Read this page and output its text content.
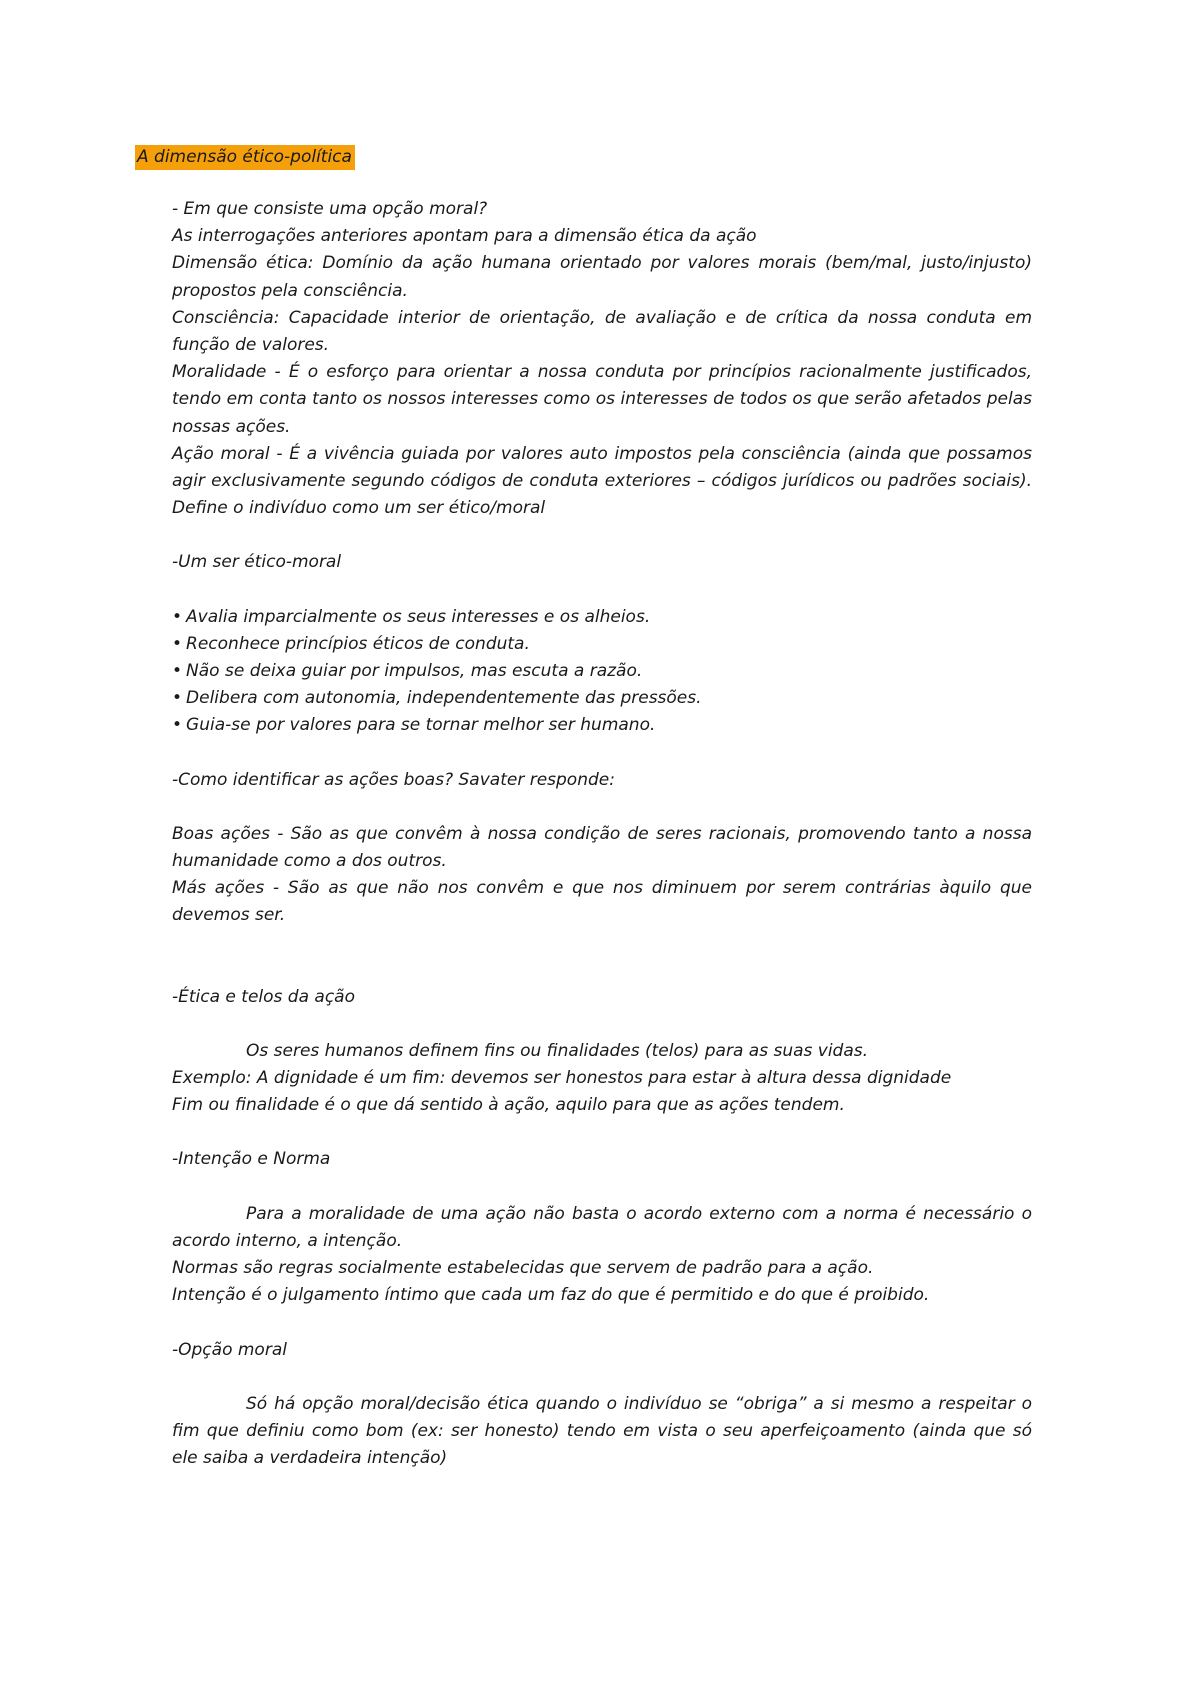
A dimensão ético-política

- Em que consiste uma opção moral?

As interrogações anteriores apontam para a dimensão ética da ação

Dimensão ética: Domínio da ação humana orientado por valores morais (bem/mal, justo/injusto) propostos pela consciência.

Consciência: Capacidade interior de orientação, de avaliação e de crítica da nossa conduta em função de valores.

Moralidade - É o esforço para orientar a nossa conduta por princípios racionalmente justificados, tendo em conta tanto os nossos interesses como os interesses de todos os que serão afetados pelas nossas ações.

Ação moral - É a vivência guiada por valores auto impostos pela consciência (ainda que possamos agir exclusivamente segundo códigos de conduta exteriores – códigos jurídicos ou padrões sociais). Define o indivíduo como um ser ético/moral

-Um ser ético-moral

• Avalia imparcialmente os seus interesses e os alheios.

• Reconhece princípios éticos de conduta.

• Não se deixa guiar por impulsos, mas escuta a razão.

• Delibera com autonomia, independentemente das pressões.

• Guia-se por valores para se tornar melhor ser humano.

-Como identificar as ações boas? Savater responde:

Boas ações - São as que convêm à nossa condição de seres racionais, promovendo tanto a nossa humanidade como a dos outros.

Más ações - São as que não nos convêm e que nos diminuem por serem contrárias àquilo que devemos ser.

-Ética e telos da ação

Os seres humanos definem fins ou finalidades (telos) para as suas vidas.

Exemplo: A dignidade é um fim: devemos ser honestos para estar à altura dessa dignidade

Fim ou finalidade é o que dá sentido à ação, aquilo para que as ações tendem.

-Intenção e Norma

Para a moralidade de uma ação não basta o acordo externo com a norma é necessário o acordo interno, a intenção.

Normas são regras socialmente estabelecidas que servem de padrão para a ação.

Intenção é o julgamento íntimo que cada um faz do que é permitido e do que é proibido.

-Opção moral

Só há opção moral/decisão ética quando o indivíduo se “obriga” a si mesmo a respeitar o fim que definiu como bom (ex: ser honesto) tendo em vista o seu aperfeiçoamento (ainda que só ele saiba a verdadeira intenção)
